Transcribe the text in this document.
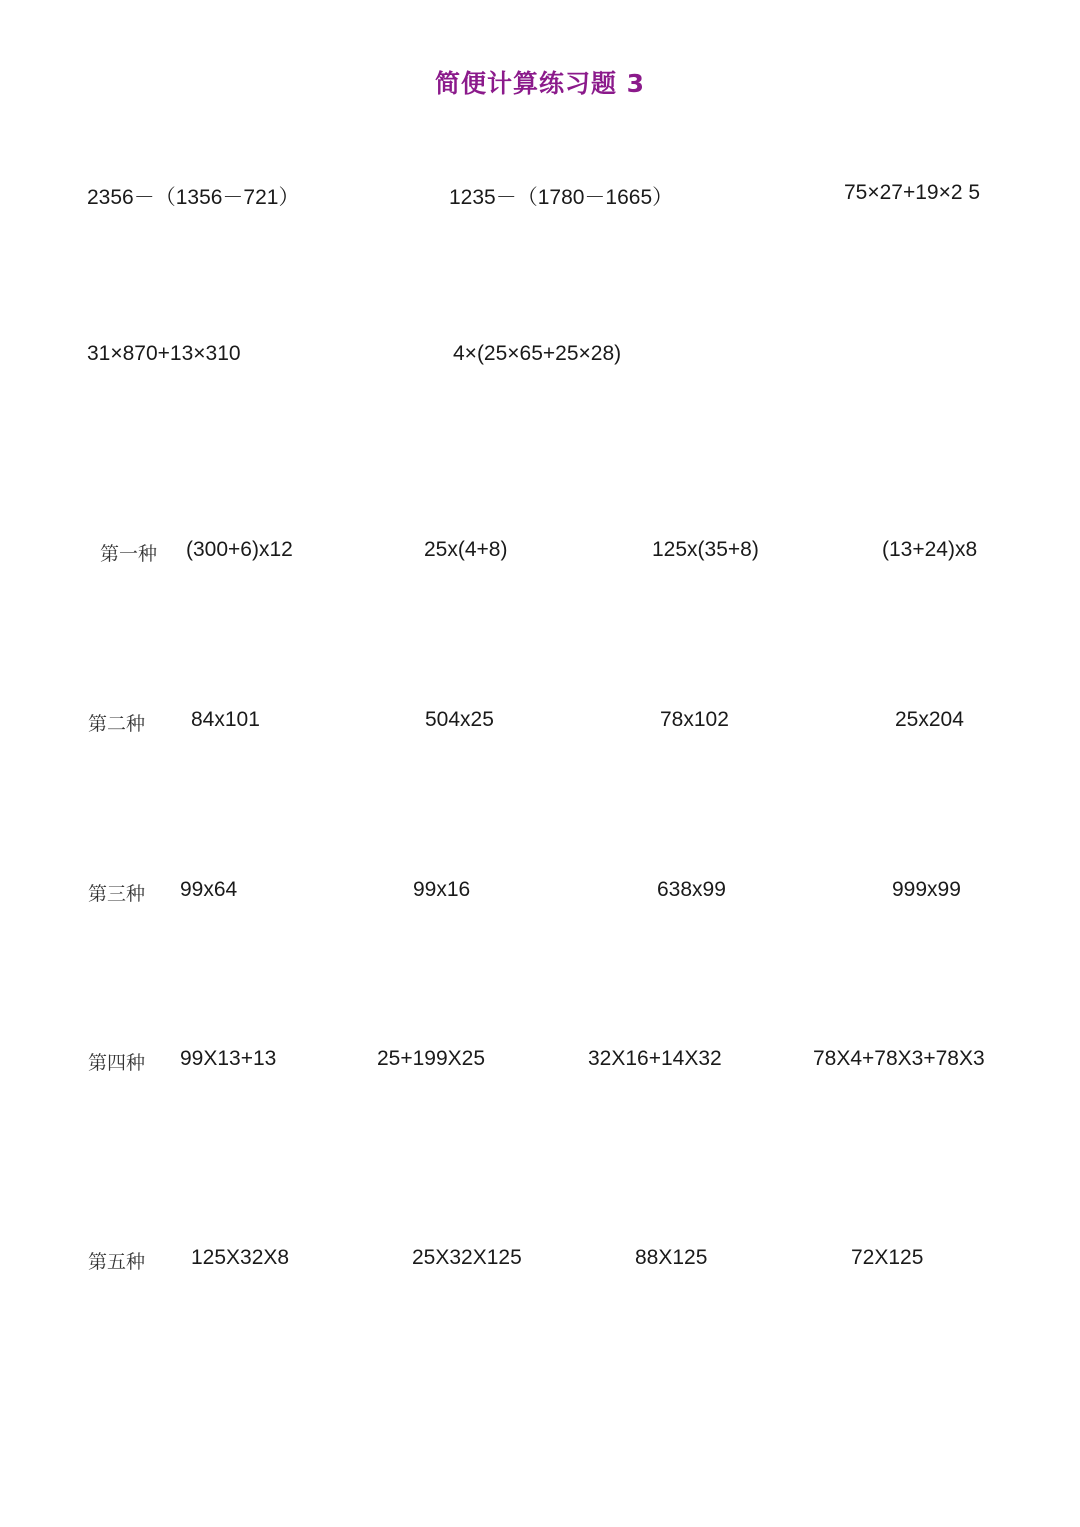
简便计算练习题 3
2356－（1356－721）	1235－（1780－1665）	75×27+19×2 5
31×870+13×310	4×(25×65+25×28)
第一种 (300+6)x12	25x(4+8)	125x(35+8)	(13+24)x8
第二种 84x101	504x25	78x102	25x204
第三种 99x64	99x16	638x99	999x99
第四种 99X13+13	25+199X25	32X16+14X32	78X4+78X3+78X3
第五种 125X32X8	25X32X125	88X125	72X125
